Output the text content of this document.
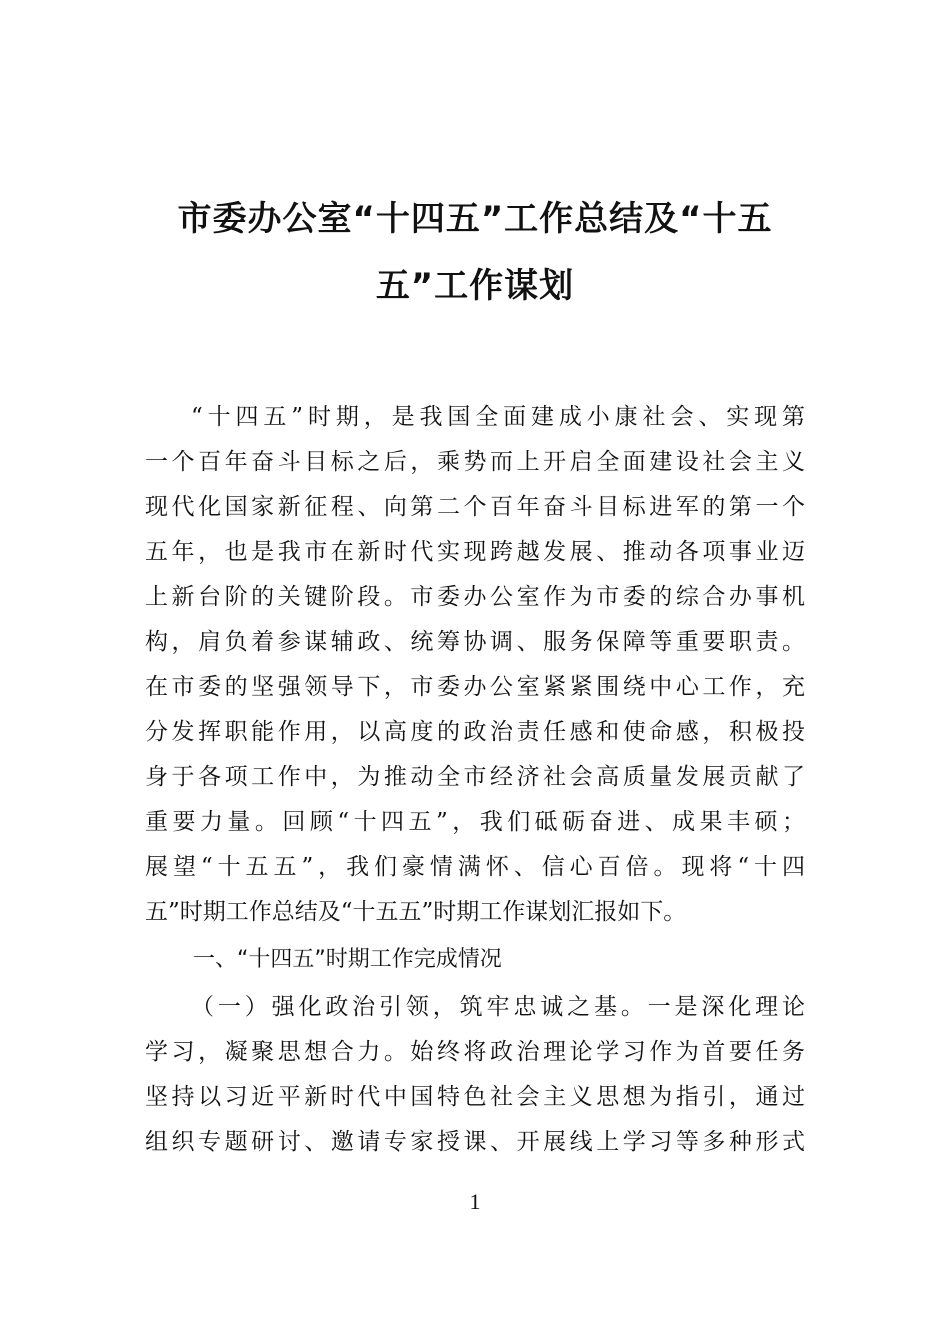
市委办公室“十四五”工作总结及“十五
五”工作谋划
“十四五”时期，是我国全面建成小康社会、实现第
一个百年奋斗目标之后，乘势而上开启全面建设社会主义
现代化国家新征程、向第二个百年奋斗目标进军的第一个
五年，也是我市在新时代实现跨越发展、推动各项事业迈
上新台阶的关键阶段。市委办公室作为市委的综合办事机
构，肩负着参谋辅政、统筹协调、服务保障等重要职责。
在市委的坚强领导下，市委办公室紧紧围绕中心工作，充
分发挥职能作用，以高度的政治责任感和使命感，积极投
身于各项工作中，为推动全市经济社会高质量发展贡献了
重要力量。回顾“十四五”，我们砥砺奋进、成果丰硕；
展望“十五五”，我们豪情满怀、信心百倍。现将“十四
五”时期工作总结及“十五五”时期工作谋划汇报如下。
一、“十四五”时期工作完成情况
（一）强化政治引领，筑牢忠诚之基。一是深化理论
学习，凝聚思想合力。始终将政治理论学习作为首要任务
坚持以习近平新时代中国特色社会主义思想为指引，通过
组织专题研讨、邀请专家授课、开展线上学习等多种形式
1
